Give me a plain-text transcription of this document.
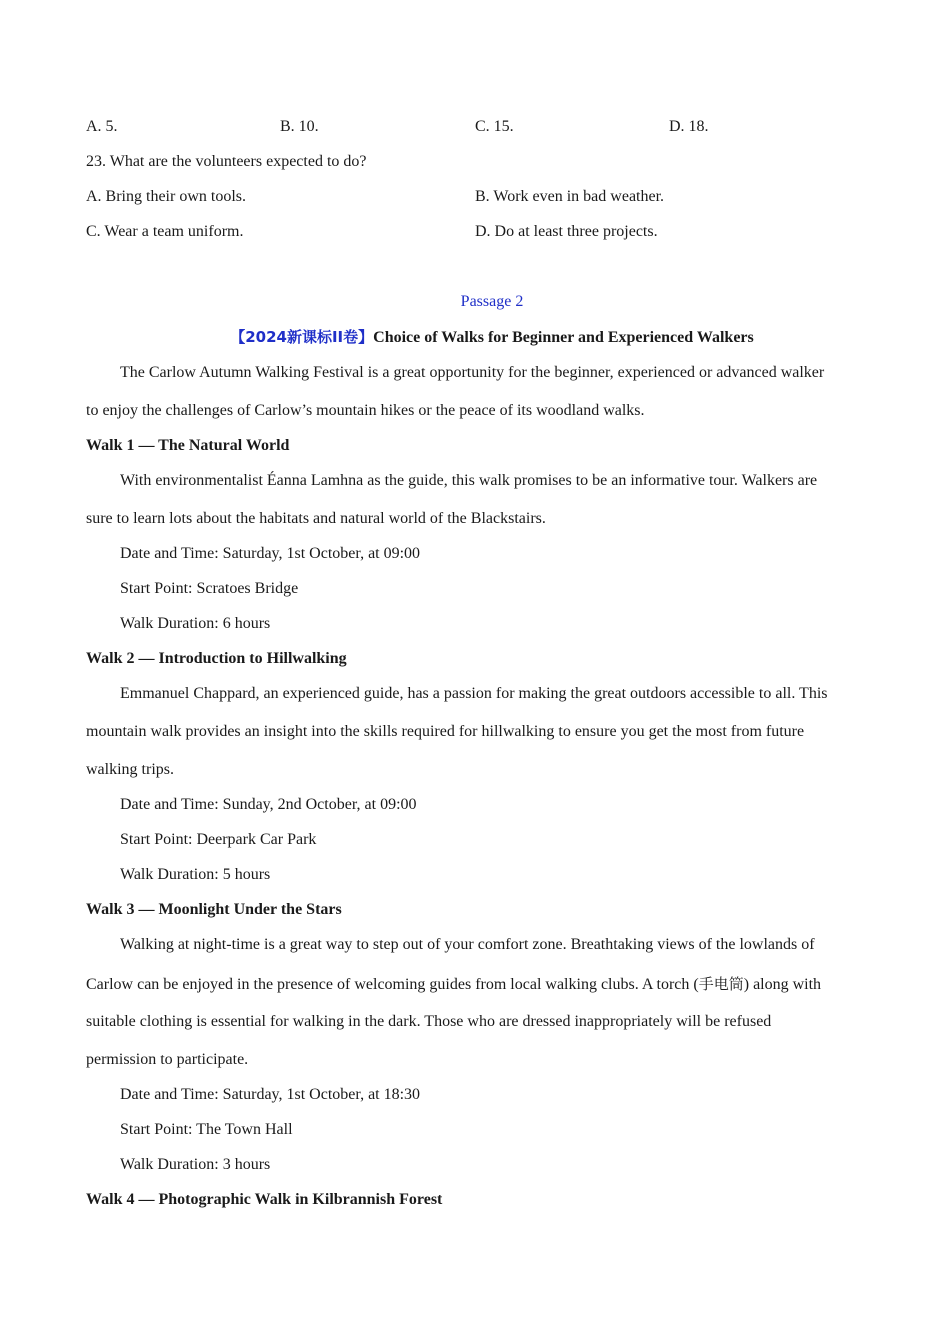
A. 5.	B. 10.	C. 15.	D. 18.
23. What are the volunteers expected to do?
A. Bring their own tools.	B. Work even in bad weather.
C. Wear a team uniform.	D. Do at least three projects.
Passage 2
【2024新课标ⅠⅠ卷】Choice of Walks for Beginner and Experienced Walkers
The Carlow Autumn Walking Festival is a great opportunity for the beginner, experienced or advanced walker
to enjoy the challenges of Carlow’s mountain hikes or the peace of its woodland walks.
Walk 1 — The Natural World
With environmentalist Éanna Lamhna as the guide, this walk promises to be an informative tour. Walkers are
sure to learn lots about the habitats and natural world of the Blackstairs.
Date and Time: Saturday, 1st October, at 09:00
Start Point: Scratoes Bridge
Walk Duration: 6 hours
Walk 2 — Introduction to Hillwalking
Emmanuel Chappard, an experienced guide, has a passion for making the great outdoors accessible to all. This
mountain walk provides an insight into the skills required for hillwalking to ensure you get the most from future
walking trips.
Date and Time: Sunday, 2nd October, at 09:00
Start Point: Deerpark Car Park
Walk Duration: 5 hours
Walk 3 — Moonlight Under the Stars
Walking at night-time is a great way to step out of your comfort zone. Breathtaking views of the lowlands of
Carlow can be enjoyed in the presence of welcoming guides from local walking clubs. A torch (手电筒) along with
suitable clothing is essential for walking in the dark. Those who are dressed inappropriately will be refused
permission to participate.
Date and Time: Saturday, 1st October, at 18:30
Start Point: The Town Hall
Walk Duration: 3 hours
Walk 4 — Photographic Walk in Kilbrannish Forest
